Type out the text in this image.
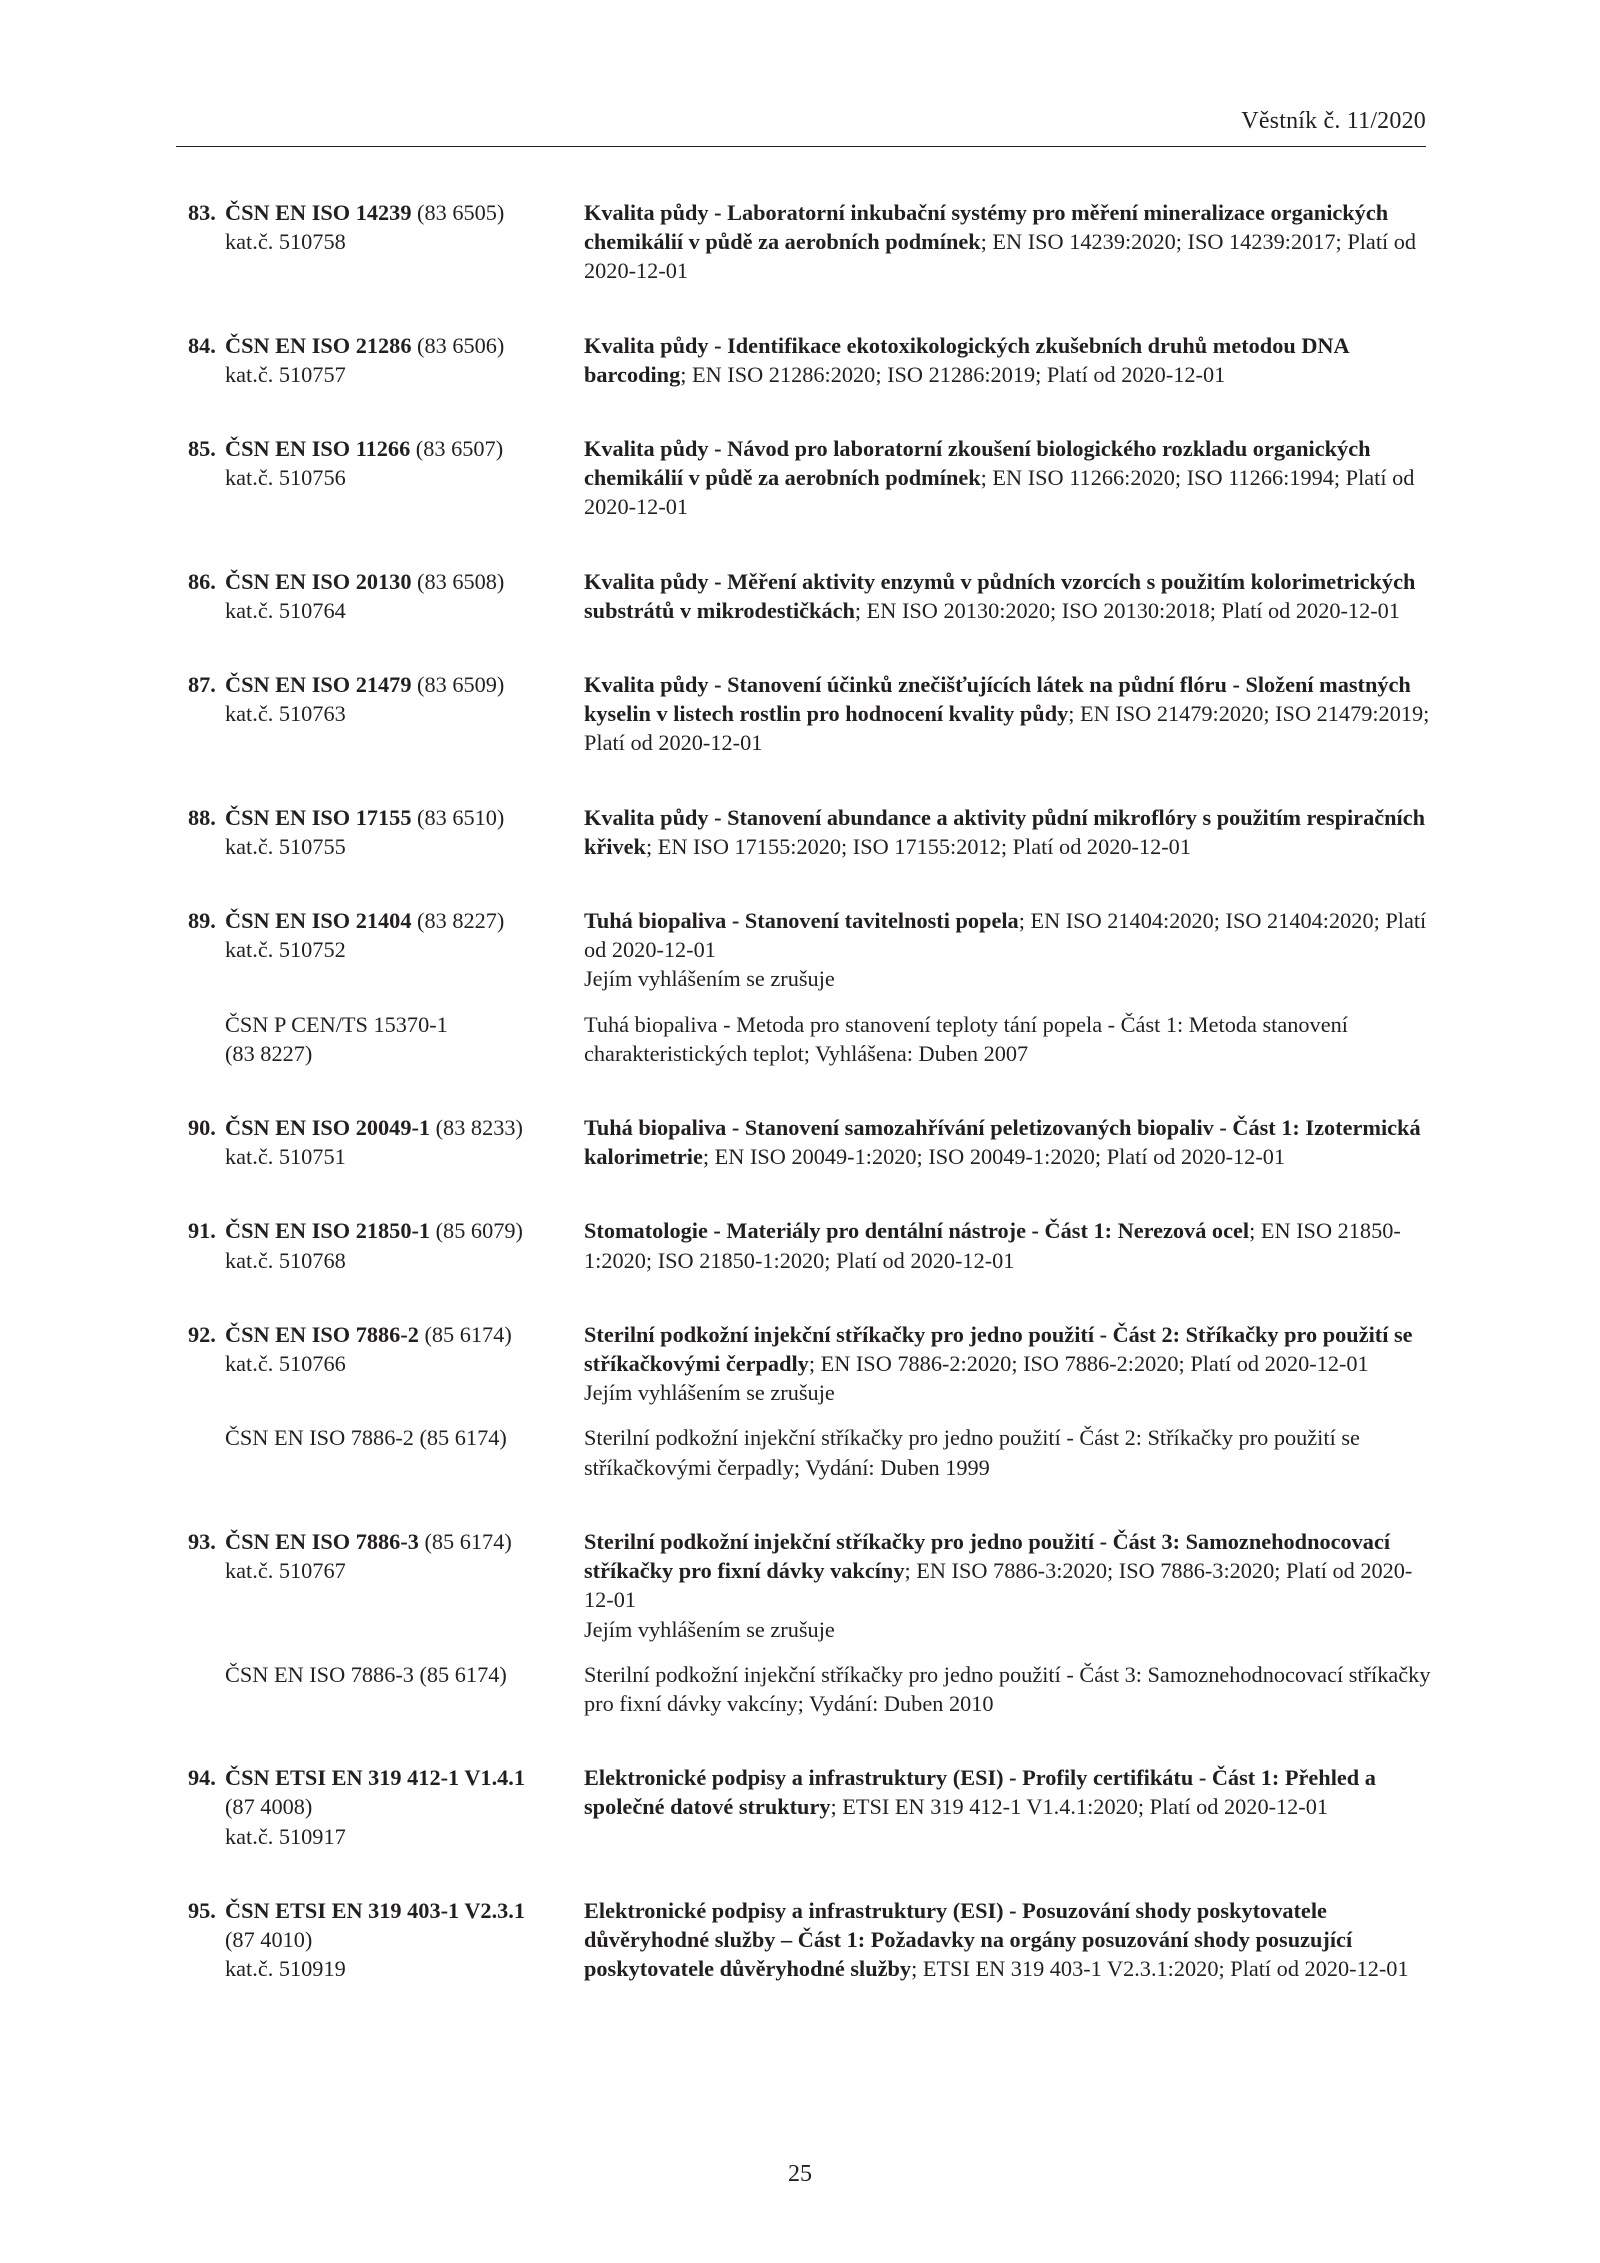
Věstník č. 11/2020
83. ČSN EN ISO 14239 (83 6505)
kat.č. 510758
Kvalita půdy - Laboratorní inkubační systémy pro měření mineralizace organických chemikálií v půdě za aerobních podmínek; EN ISO 14239:2020; ISO 14239:2017; Platí od 2020-12-01
84. ČSN EN ISO 21286 (83 6506)
kat.č. 510757
Kvalita půdy - Identifikace ekotoxikologických zkušebních druhů metodou DNA barcoding; EN ISO 21286:2020; ISO 21286:2019; Platí od 2020-12-01
85. ČSN EN ISO 11266 (83 6507)
kat.č. 510756
Kvalita půdy - Návod pro laboratorní zkoušení biologického rozkladu organických chemikálií v půdě za aerobních podmínek; EN ISO 11266:2020; ISO 11266:1994; Platí od 2020-12-01
86. ČSN EN ISO 20130 (83 6508)
kat.č. 510764
Kvalita půdy - Měření aktivity enzymů v půdních vzorcích s použitím kolorimetrických substrátů v mikrodestičkách; EN ISO 20130:2020; ISO 20130:2018; Platí od 2020-12-01
87. ČSN EN ISO 21479 (83 6509)
kat.č. 510763
Kvalita půdy - Stanovení účinků znečišťujících látek na půdní flóru - Složení mastných kyselin v listech rostlin pro hodnocení kvality půdy; EN ISO 21479:2020; ISO 21479:2019; Platí od 2020-12-01
88. ČSN EN ISO 17155 (83 6510)
kat.č. 510755
Kvalita půdy - Stanovení abundance a aktivity půdní mikroflóry s použitím respiračních křivek; EN ISO 17155:2020; ISO 17155:2012; Platí od 2020-12-01
89. ČSN EN ISO 21404 (83 8227)
kat.č. 510752
Tuhá biopaliva - Stanovení tavitelnosti popela; EN ISO 21404:2020; ISO 21404:2020; Platí od 2020-12-01
Jejím vyhlášením se zrušuje
ČSN P CEN/TS 15370-1
(83 8227)
Tuhá biopaliva - Metoda pro stanovení teploty tání popela - Část 1: Metoda stanovení charakteristických teplot; Vyhlášena: Duben 2007
90. ČSN EN ISO 20049-1 (83 8233)
kat.č. 510751
Tuhá biopaliva - Stanovení samozahřívání peletizovaných biopaliv - Část 1: Izotermická kalorimetrie; EN ISO 20049-1:2020; ISO 20049-1:2020; Platí od 2020-12-01
91. ČSN EN ISO 21850-1 (85 6079)
kat.č. 510768
Stomatologie - Materiály pro dentální nástroje - Část 1: Nerezová ocel; EN ISO 21850-1:2020; ISO 21850-1:2020; Platí od 2020-12-01
92. ČSN EN ISO 7886-2 (85 6174)
kat.č. 510766
Sterilní podkožní injekční stříkačky pro jedno použití - Část 2: Stříkačky pro použití se stříkačkovými čerpadly; EN ISO 7886-2:2020; ISO 7886-2:2020; Platí od 2020-12-01
Jejím vyhlášením se zrušuje
ČSN EN ISO 7886-2 (85 6174)	Sterilní podkožní injekční stříkačky pro jedno použití - Část 2: Stříkačky pro použití se stříkačkovými čerpadly; Vydání: Duben 1999
93. ČSN EN ISO 7886-3 (85 6174)
kat.č. 510767
Sterilní podkožní injekční stříkačky pro jedno použití - Část 3: Samoznehodnocovací stříkačky pro fixní dávky vakcíny; EN ISO 7886-3:2020; ISO 7886-3:2020; Platí od 2020-12-01
Jejím vyhlášením se zrušuje
ČSN EN ISO 7886-3 (85 6174)	Sterilní podkožní injekční stříkačky pro jedno použití - Část 3: Samoznehodnocovací stříkačky pro fixní dávky vakcíny; Vydání: Duben 2010
94. ČSN ETSI EN 319 412-1 V1.4.1
(87 4008)
kat.č. 510917
Elektronické podpisy a infrastruktury (ESI) - Profily certifikátu - Část 1: Přehled a společné datové struktury; ETSI EN 319 412-1 V1.4.1:2020; Platí od 2020-12-01
95. ČSN ETSI EN 319 403-1 V2.3.1
(87 4010)
kat.č. 510919
Elektronické podpisy a infrastruktury (ESI) - Posuzování shody poskytovatele důvěryhodné služby – Část 1: Požadavky na orgány posuzování shody posuzující poskytovatele důvěryhodné služby; ETSI EN 319 403-1 V2.3.1:2020; Platí od 2020-12-01
25
